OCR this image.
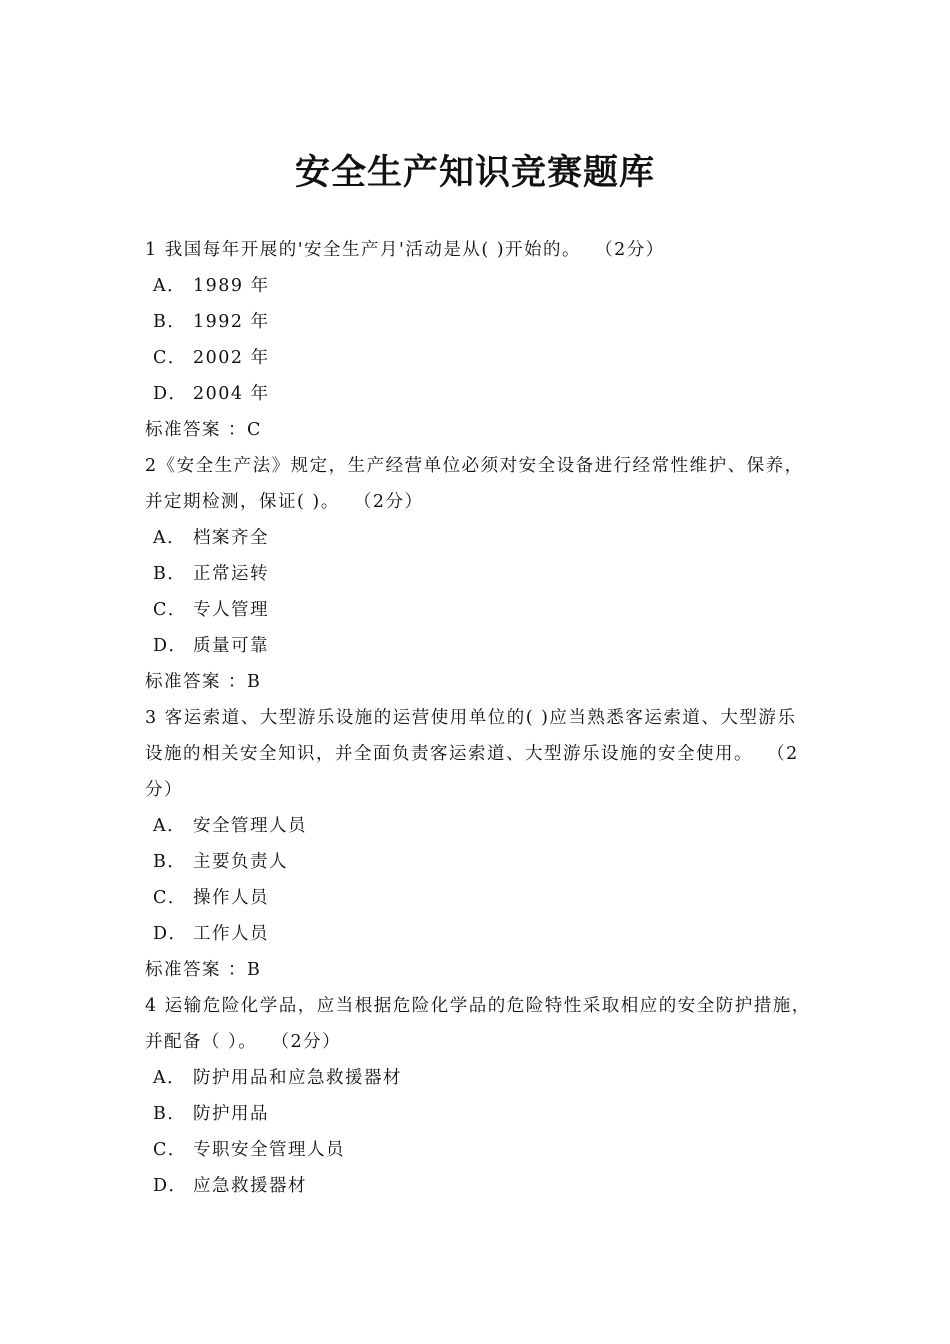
安全生产知识竞赛题库
1 我国每年开展的'安全生产月'活动是从( )开始的。  （2分）
A． 1989 年
B． 1992 年
C． 2002 年
D． 2004 年
标准答案 ：C
2《安全生产法》规定，生产经营单位必须对安全设备进行经常性维护、保养，
并定期检测，保证( )。  （2分）
A． 档案齐全
B． 正常运转
C． 专人管理
D． 质量可靠
标准答案 ：B
3 客运索道、大型游乐设施的运营使用单位的( )应当熟悉客运索道、大型游乐
设施的相关安全知识，并全面负责客运索道、大型游乐设施的安全使用。  （2
分）
A． 安全管理人员
B． 主要负责人
C． 操作人员
D． 工作人员
标准答案 ：B
4 运输危险化学品，应当根据危险化学品的危险特性采取相应的安全防护措施，
并配备（ ）。  （2分）
A． 防护用品和应急救援器材
B． 防护用品
C． 专职安全管理人员
D． 应急救援器材
